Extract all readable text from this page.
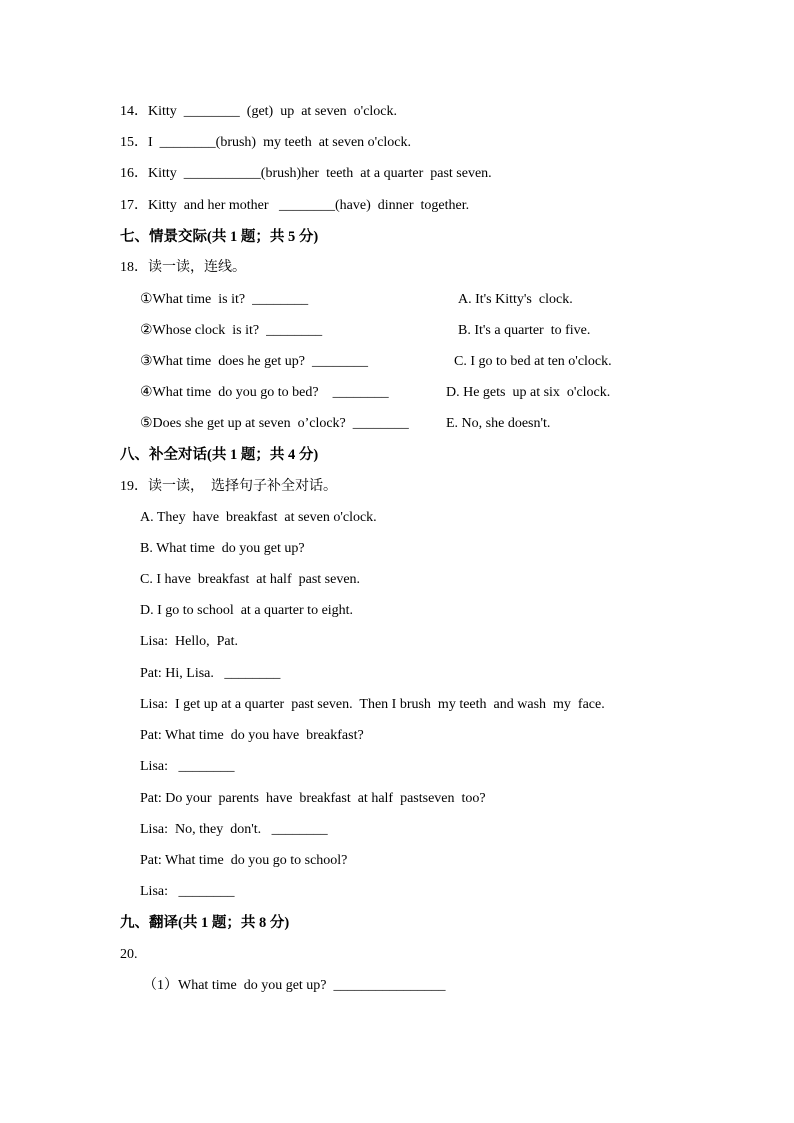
14．Kitty  ________  (get)  up  at seven  o'clock.
15．I  ________(brush)  my teeth  at seven o'clock.
16．Kitty  ___________(brush)her  teeth  at a quarter  past seven.
17．Kitty  and her mother   ________(have)  dinner  together.
七、情景交际(共 1 题；共 5 分)
18．读一读，连线。
①What time  is it?  ________
②Whose clock  is it?  ________
③What time  does he get up?  ________
④What time  do you go to bed?    ________
⑤Does she get up at seven  o’clock?  ________
A. It's Kitty's  clock.
B. It's a quarter  to five.
C. I go to bed at ten o'clock.
D. He gets  up at six  o'clock.
E. No, she doesn't.
八、补全对话(共 1 题；共 4 分)
19．读一读，  选择句子补全对话。
A. They  have  breakfast  at seven o'clock.
B. What time  do you get up?
C. I have  breakfast  at half  past seven.
D. I go to school  at a quarter to eight.
Lisa:  Hello,  Pat.
Pat: Hi, Lisa.   ________
Lisa:  I get up at a quarter  past seven.  Then I brush  my teeth  and wash  my  face.
Pat: What time  do you have  breakfast?
Lisa:   ________
Pat: Do your  parents  have  breakfast  at half  pastseven  too?
Lisa:  No, they  don't.   ________
Pat: What time  do you go to school?
Lisa:   ________
九、翻译(共 1 题；共 8 分)
20.
（1）What time  do you get up?  ________________
